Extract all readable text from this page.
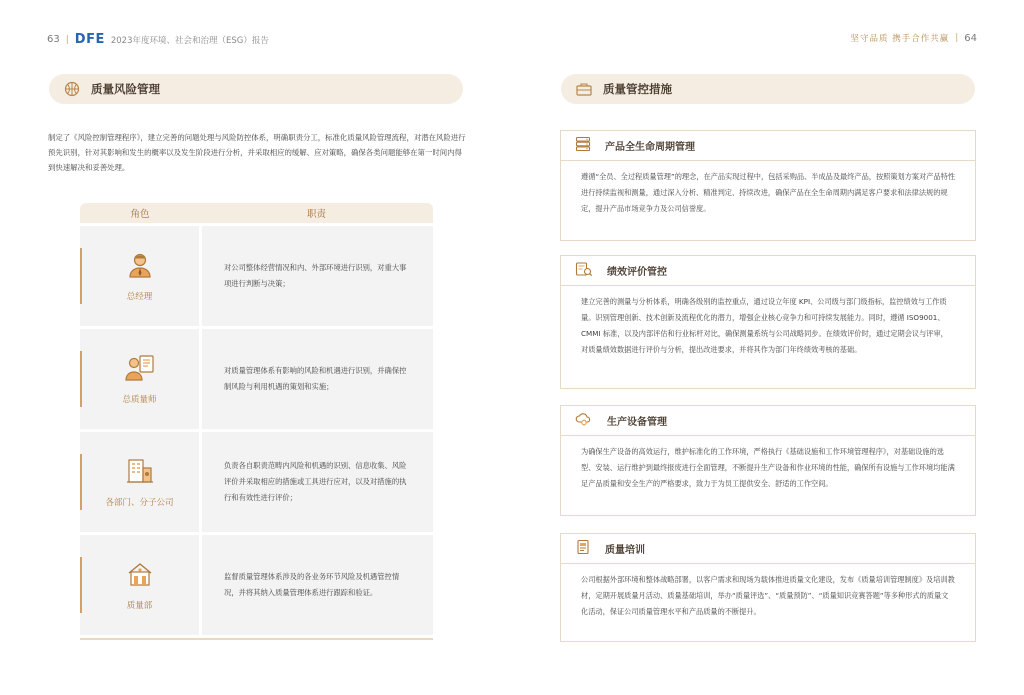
63 | DFE 2023年度环境、社会和治理（ESG）报告	坚守品质 携手合作共赢 | 64
质量风险管理

制定了《风险控制管理程序》，建立完善的问题处理与风险防控体系，明确职责分工，标准化质量风险管理流程，对潜在风险进行预先识别，针对其影响和发生的概率以及发生阶段进行分析，并采取相应的缓解、应对策略，确保各类问题能够在第一时间内得到快速解决和妥善处理。

角色	职责
总经理
对公司整体经营情况和内、外部环境进行识别，对重大事项进行判断与决策；
总质量师
对质量管理体系有影响的风险和机遇进行识别，并确保控制风险与利用机遇的策划和实施；
各部门、分子公司
负责各自职责范畴内风险和机遇的识别、信息收集、风险评价并采取相应的措施或工具进行应对，以及对措施的执行和有效性进行评价；
质量部
监督质量管理体系涉及的各业务环节风险及机遇管控情况，并将其纳入质量管理体系进行跟踪和验证。
质量管控措施
产品全生命周期管理
遵循“全员、全过程质量管理”的理念，在产品实现过程中，包括采购品、半成品及最终产品，按照策划方案对产品特性进行持续监视和测量，通过深入分析、精准判定、持续改进，确保产品在全生命周期内满足客户要求和法律法规的规定，提升产品市场竞争力及公司信誉度。
绩效评价管控
建立完善的测量与分析体系，明确各级别的监控重点，通过设立年度 KPI、公司级与部门级指标，监控绩效与工作质量。识别管理创新、技术创新及流程优化的潜力，增强企业核心竞争力和可持续发展能力。同时，遵循 ISO9001、CMMI 标准，以及内部评估和行业标杆对比，确保测量系统与公司战略同步。在绩效评价时，通过定期会议与评审，对质量绩效数据进行评价与分析，提出改进要求，并将其作为部门年终绩效考核的基础。
生产设备管理
为确保生产设备的高效运行，维护标准化的工作环境，严格执行《基础设施和工作环境管理程序》，对基础设施的选型、安装、运行维护到最终报废进行全面管理，不断提升生产设备和作业环境的性能，确保所有设施与工作环境均能满足产品质量和安全生产的严格要求，致力于为员工提供安全、舒适的工作空间。
质量培训
公司根据外部环境和整体战略部署，以客户需求和现场为载体推进质量文化建设，发布《质量培训管理制度》及培训教材，定期开展质量月活动、质量基础培训，举办“质量评选”、“质量预防”、“质量知识竞赛答题”等多种形式的质量文化活动，保证公司质量管理水平和产品质量的不断提升。
